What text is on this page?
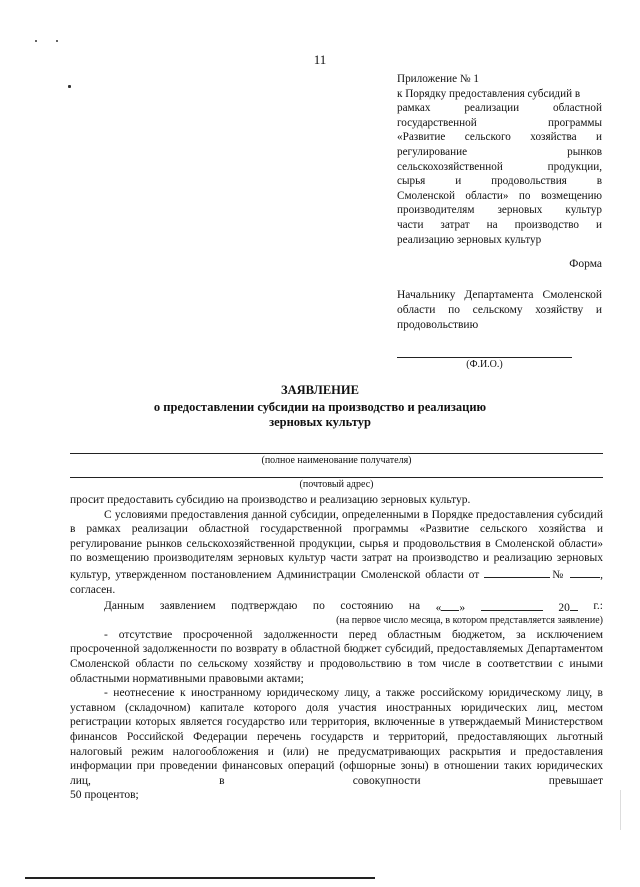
11
Приложение № 1
к Порядку предоставления субсидий в
рамках реализации областной
государственной программы
«Развитие сельского хозяйства и
регулирование рынков
сельскохозяйственной продукции,
сырья и продовольствия в
Смоленской области» по возмещению
производителям зерновых культур
части затрат на производство и
реализацию зерновых культур
Форма
Начальнику Департамента Смоленской области по сельскому хозяйству и продовольствию
(Ф.И.О.)
ЗАЯВЛЕНИЕ
о предоставлении субсидии на производство и реализацию
зерновых культур
(полное наименование получателя)
(почтовый адрес)

просит предоставить субсидию на производство и реализацию зерновых культур.

С условиями предоставления данной субсидии, определенными в Порядке предоставления субсидий в рамках реализации областной государственной программы «Развитие сельского хозяйства и регулирование рынков сельскохозяйственной продукции, сырья и продовольствия в Смоленской области» по возмещению производителям зерновых культур части затрат на производство и реализацию зерновых культур, утвержденном постановлением Администрации Смоленской области от	№	, согласен.

Данным заявлением подтверждаю по состоянию на « »	20	г.:
(на первое число месяца, в котором представляется заявление)

- отсутствие просроченной задолженности перед областным бюджетом, за исключением просроченной задолженности по возврату в областной бюджет субсидий, предоставляемых Департаментом Смоленской области по сельскому хозяйству и продовольствию в том числе в соответствии с иными областными нормативными правовыми актами;

- неотнесение к иностранному юридическому лицу, а также российскому юридическому лицу, в уставном (складочном) капитале которого доля участия иностранных юридических лиц, местом регистрации которых является государство или территория, включенные в утверждаемый Министерством финансов Российской Федерации перечень государств и территорий, предоставляющих льготный налоговый режим налогообложения и (или) не предусматривающих раскрытия и предоставления информации при проведении финансовых операций (офшорные зоны) в отношении таких юридических лиц, в совокупности превышает

50 процентов;
